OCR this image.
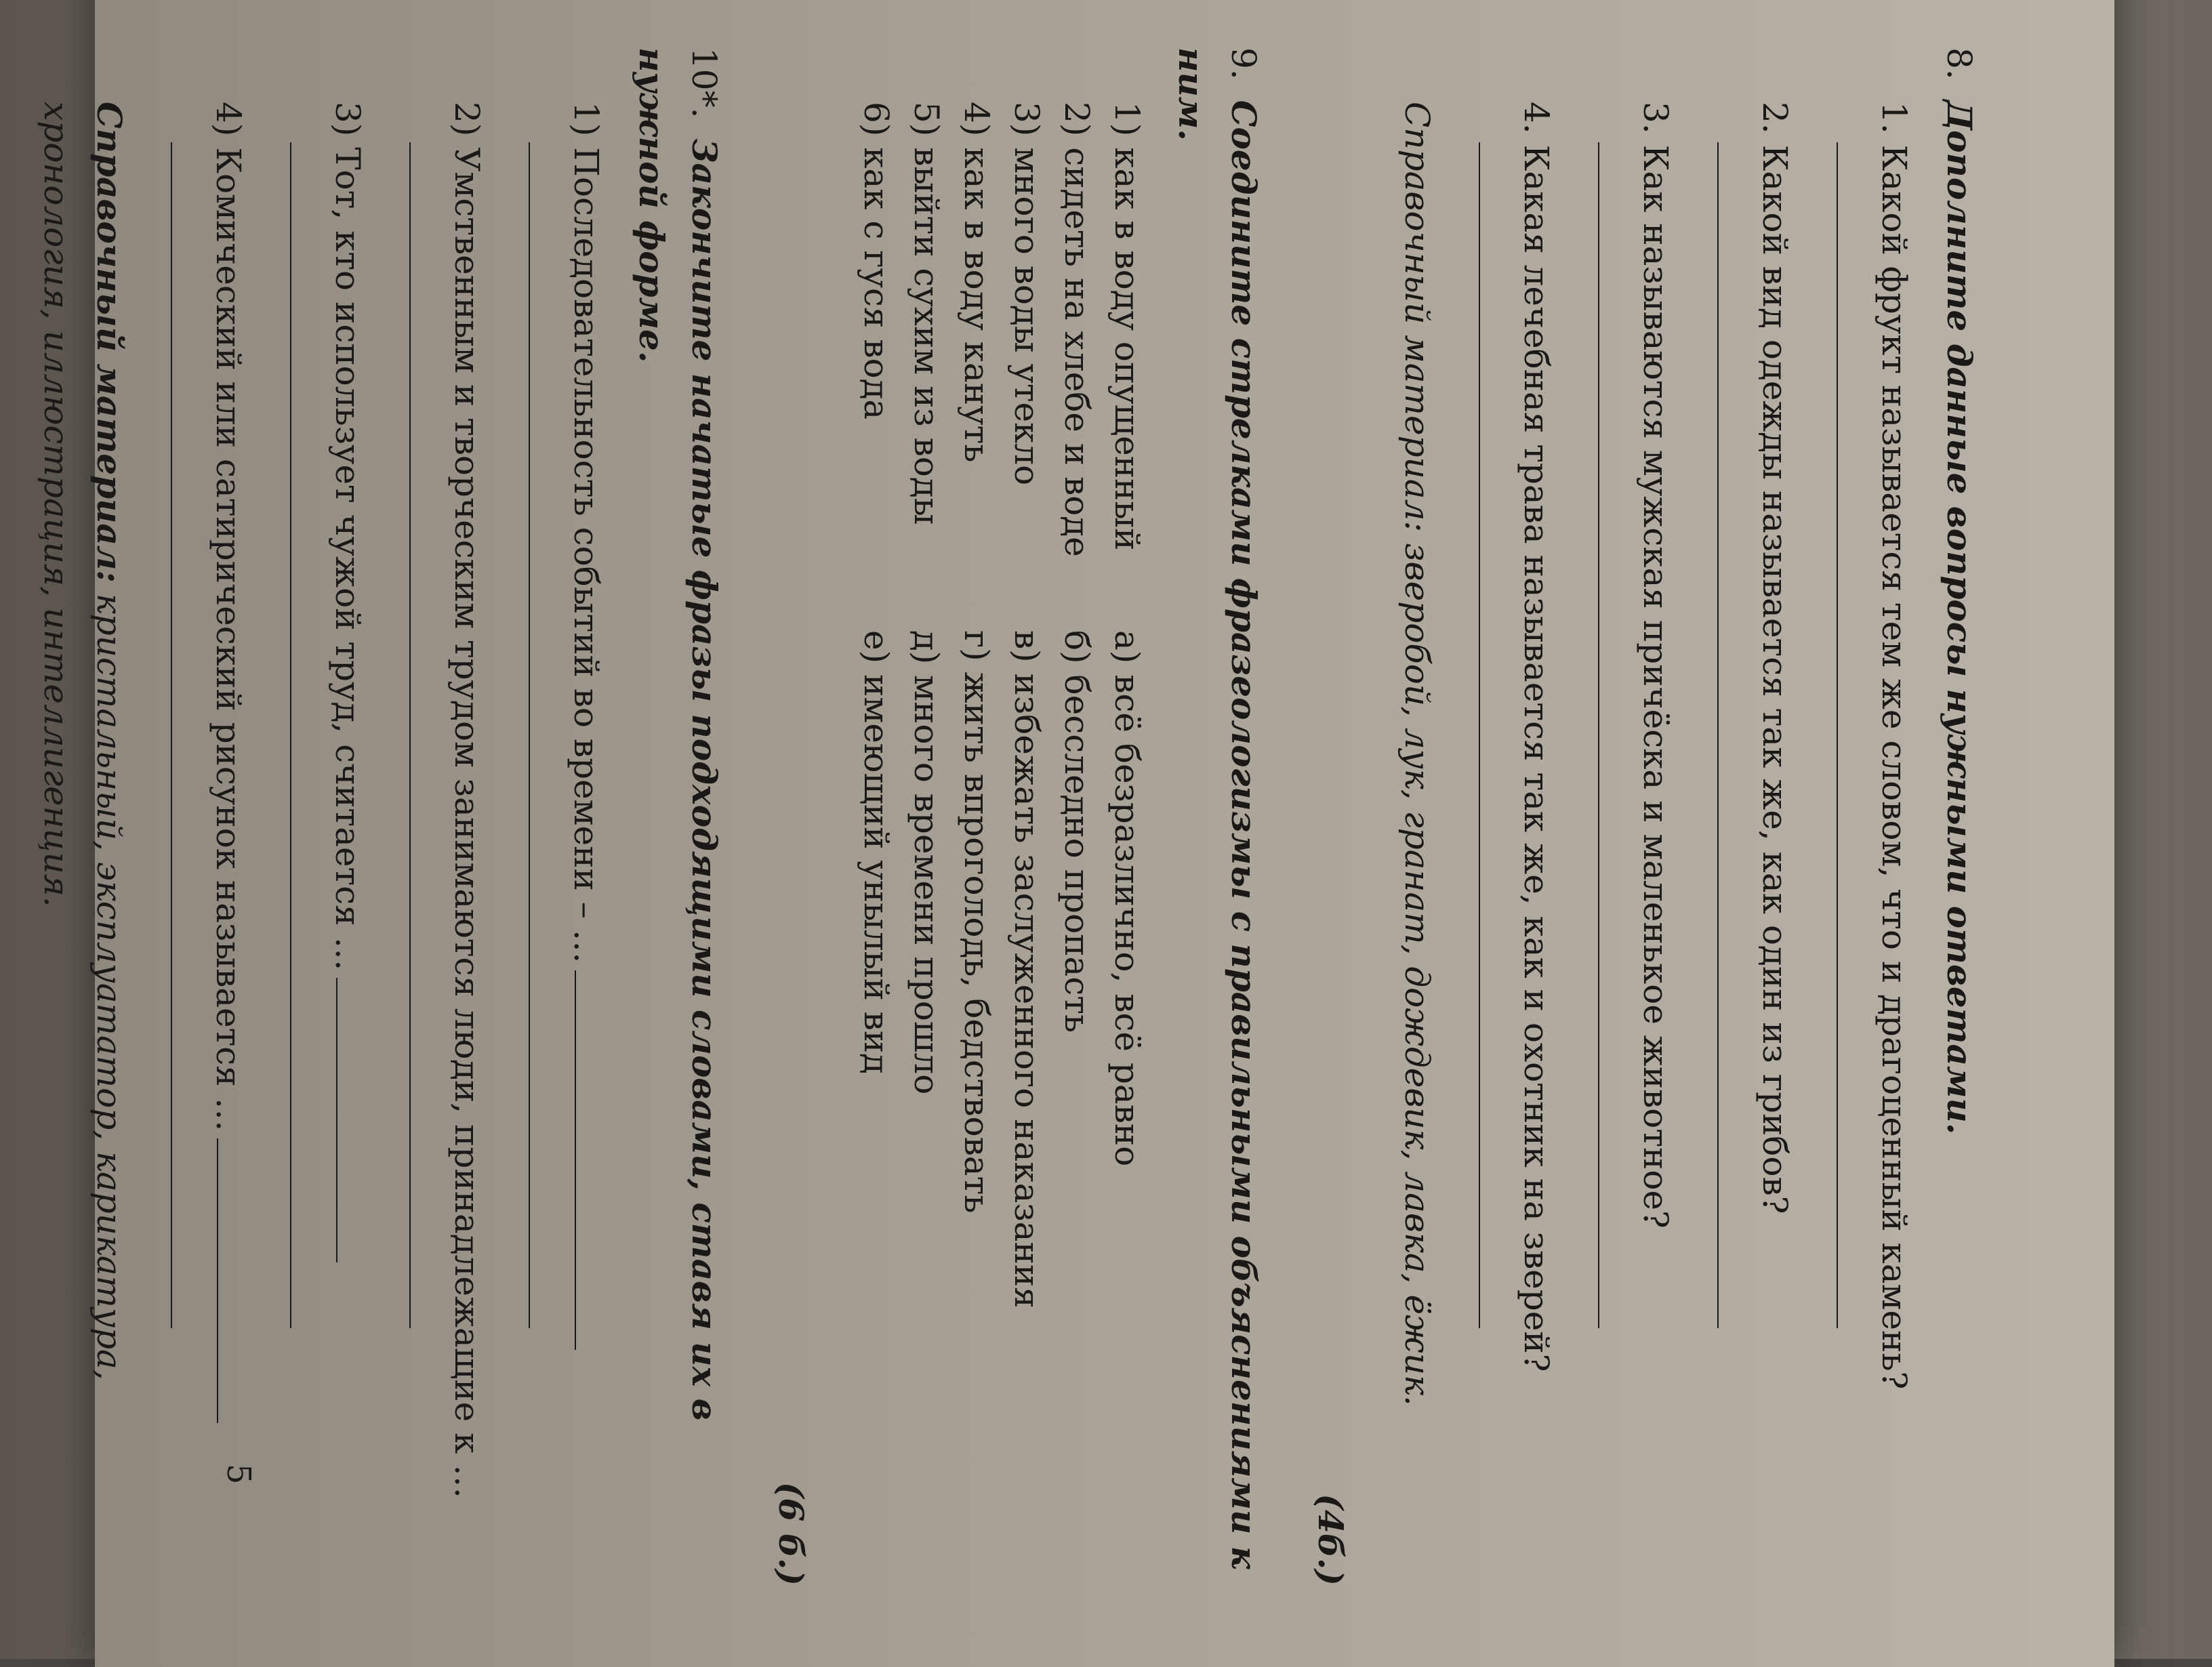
8.Дополните данные вопросы нужными ответами.

1. Какой фрукт называется тем же словом, что и драгоценный камень?

2. Какой вид одежды называется так же, как один из грибов?

3. Как называются мужская причёска и маленькое животное?

4. Какая лечебная трава называется так же, как и охотник на зверей?

Справочный материал: зверобой, лук, гранат, дождевик, лавка, ёжик.

(4б.)

9.Соедините стрелками фразеологизмы с правильными объяснениями к ним.

1) как в воду опущенный

2) сидеть на хлебе и воде

3) много воды утекло

4) как в воду кануть

5) выйти сухим из воды

6) как с гуся вода

а) всё безразлично, всё равно

б) бесследно пропасть

в) избежать заслуженного наказания

г) жить впроголодь, бедствовать

д) много времени прошло

е) имеющий унылый вид

(6 б.)

10*.Закончите начатые фразы подходящими словами, ставя их в нужной форме.

1) Последовательность событий во времени – …

2) Умственным и творческим трудом занимаются люди, принадлежащие к …

3) Тот, кто использует чужой труд, считается …

4) Комический или сатирический рисунок называется …

Справочный материал: кристальный, эксплуататор, карикатура, хронология, иллюстрация, интеллигенция.

5
